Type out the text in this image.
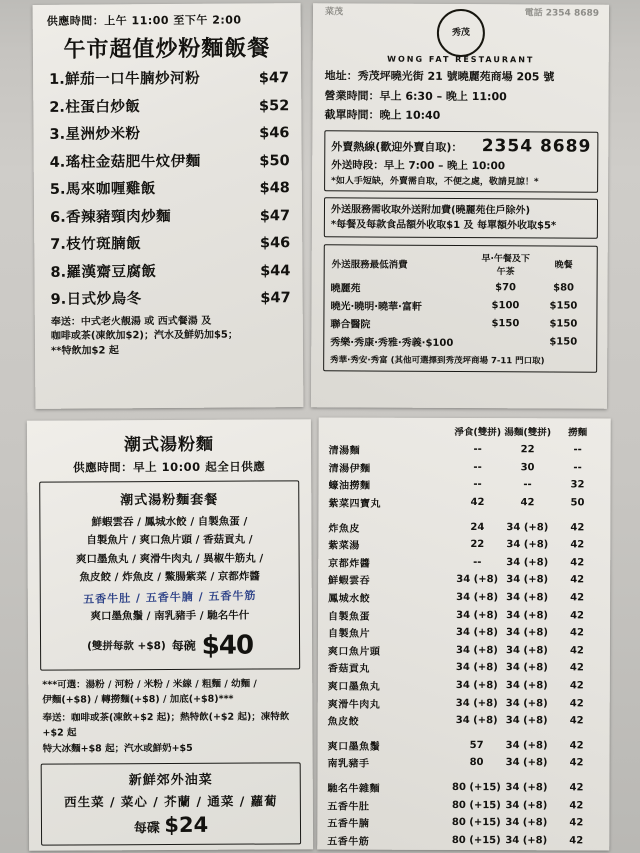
供應時間：上午 11:00 至下午 2:00
午市超值炒粉麵飯餐
1. 鮮茄一口牛腩炒河粉	$47
2. 柱蛋白炒飯	$52
3. 星洲炒米粉	$46
4. 瑤柱金菇肥牛炆伊麵	$50
5. 馬來咖喱雞飯	$48
6. 香辣豬頸肉炒麵	$47
7. 枝竹斑腩飯	$46
8. 羅漢齋豆腐飯	$44
9. 日式炒烏冬	$47
奉送：中式老火靚湯 或 西式餐湯 及
咖啡或茶(凍飲加$2)；汽水及鮮奶加$5；
**特飲加$2 起
菜茂	電話 2354 8689
秀茂
WONG FAT RESTAURANT
地址：秀茂坪曉光街 21 號曉麗苑商場 205 號
營業時間：早上 6:30 – 晚上 11:00
截單時間：晚上 10:40
外賣熱線(歡迎外賣自取)： 2354 8689
外送時段：早上 7:00 – 晚上 10:00
*如人手短缺，外賣需自取，不便之處，敬請見諒！*
外送服務需收取外送附加費(曉麗苑住戶除外)
*每餐及每款食品額外收取$1 及 每單額外收取$5*
外送服務最低消費	早·午餐及下午茶	晚餐
曉麗苑	$70	$80
曉光·曉明·曉華·富軒	$100	$150
聯合醫院	$150	$150
秀樂·秀康·秀雅·秀義·$100		$150
秀華·秀安·秀富 (其他可選擇到秀茂坪商場 7-11 門口取)
潮式湯粉麵
供應時間：早上 10:00 起全日供應
潮式湯粉麵套餐
鮮蝦雲吞 / 鳳城水餃 / 自製魚蛋 /
自製魚片 / 爽口魚片頭 / 香菇貢丸 /
爽口墨魚丸 / 爽滑牛肉丸 / 異椒牛筋丸 /
魚皮餃 / 炸魚皮 / 鱉腸紫菜 / 京都炸醬
五香牛肚 / 五香牛腩 / 五香牛筋
爽口墨魚鬚 / 南乳豬手 / 馳名牛什
(雙拼每款 +$8) 每碗 $40
***可選：湯粉 / 河粉 / 米粉 / 米線 / 粗麵 / 幼麵 /
伊麵(+$8) / 轉撈麵(+$8) / 加底(+$8)***
奉送：咖啡或茶(凍飲+$2 起)；熱特飲(+$2 起)；凍特飲+$2 起
特大冰麵+$8 起；汽水或鮮奶+$5
新鮮郊外油菜
西生菜 / 菜心 / 芥蘭 / 通菜 / 蘿蔔
每碟 $24
	淨食(雙拼)	湯麵(雙拼)	撈麵
清湯麵	--	22	--
清湯伊麵	--	30	--
蠔油撈麵	--	--	32
紫菜四寶丸	42	42	50

炸魚皮	24	34 (+8)	42
紫菜湯	22	34 (+8)	42
京都炸醬	--	34 (+8)	42
鮮蝦雲吞	34 (+8)	34 (+8)	42
鳳城水餃	34 (+8)	34 (+8)	42
自製魚蛋	34 (+8)	34 (+8)	42
自製魚片	34 (+8)	34 (+8)	42
爽口魚片頭	34 (+8)	34 (+8)	42
香菇貢丸	34 (+8)	34 (+8)	42
爽口墨魚丸	34 (+8)	34 (+8)	42
爽滑牛肉丸	34 (+8)	34 (+8)	42
魚皮餃	34 (+8)	34 (+8)	42

爽口墨魚鬚	57	34 (+8)	42
南乳豬手	80	34 (+8)	42

馳名牛雜麵	80 (+15)	34 (+8)	42
五香牛肚	80 (+15)	34 (+8)	42
五香牛腩	80 (+15)	34 (+8)	42
五香牛筋	80 (+15)	34 (+8)	42
